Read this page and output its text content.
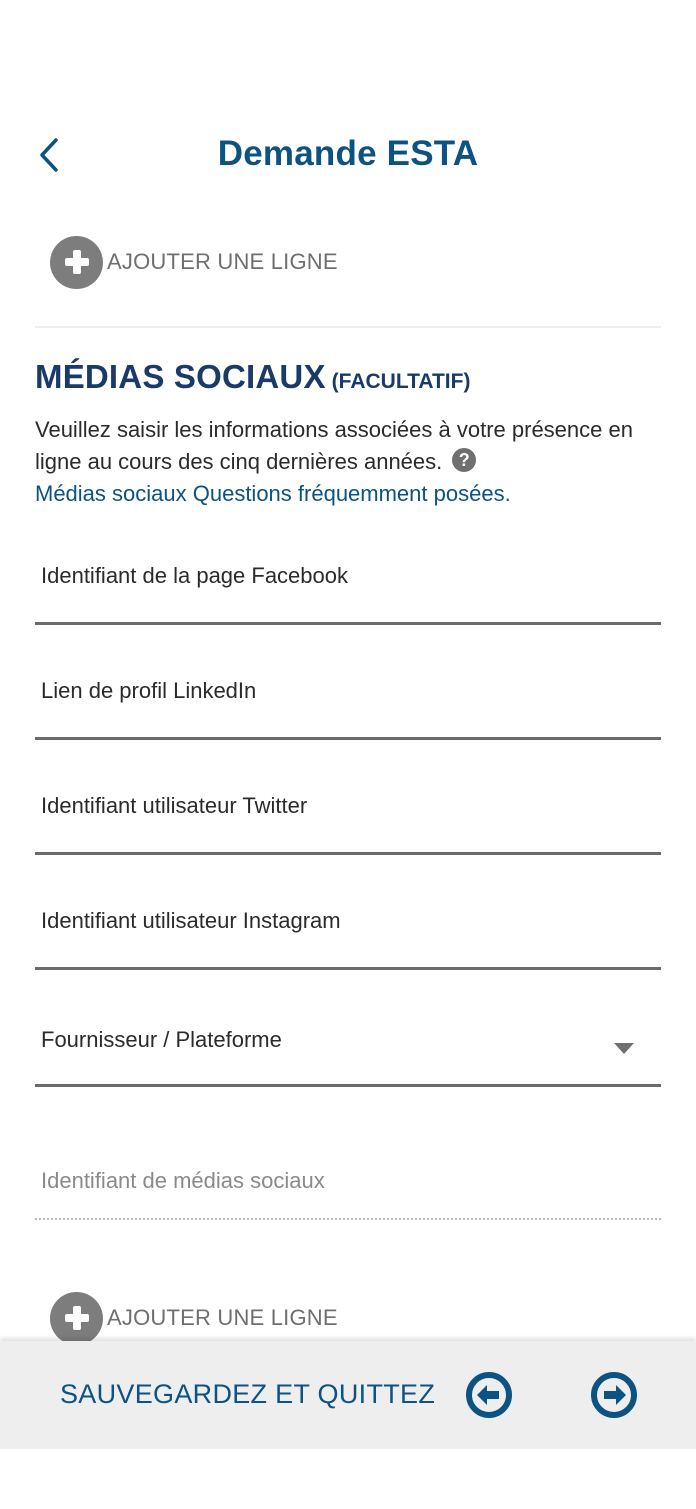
Demande ESTA
AJOUTER UNE LIGNE
MÉDIAS SOCIAUX (FACULTATIF)
Veuillez saisir les informations associées à votre présence en ligne au cours des cinq dernières années. ?
Médias sociaux Questions fréquemment posées.
Identifiant de la page Facebook
Lien de profil LinkedIn
Identifiant utilisateur Twitter
Identifiant utilisateur Instagram
Fournisseur / Plateforme
Identifiant de médias sociaux
AJOUTER UNE LIGNE
SAUVEGARDEZ ET QUITTEZ
